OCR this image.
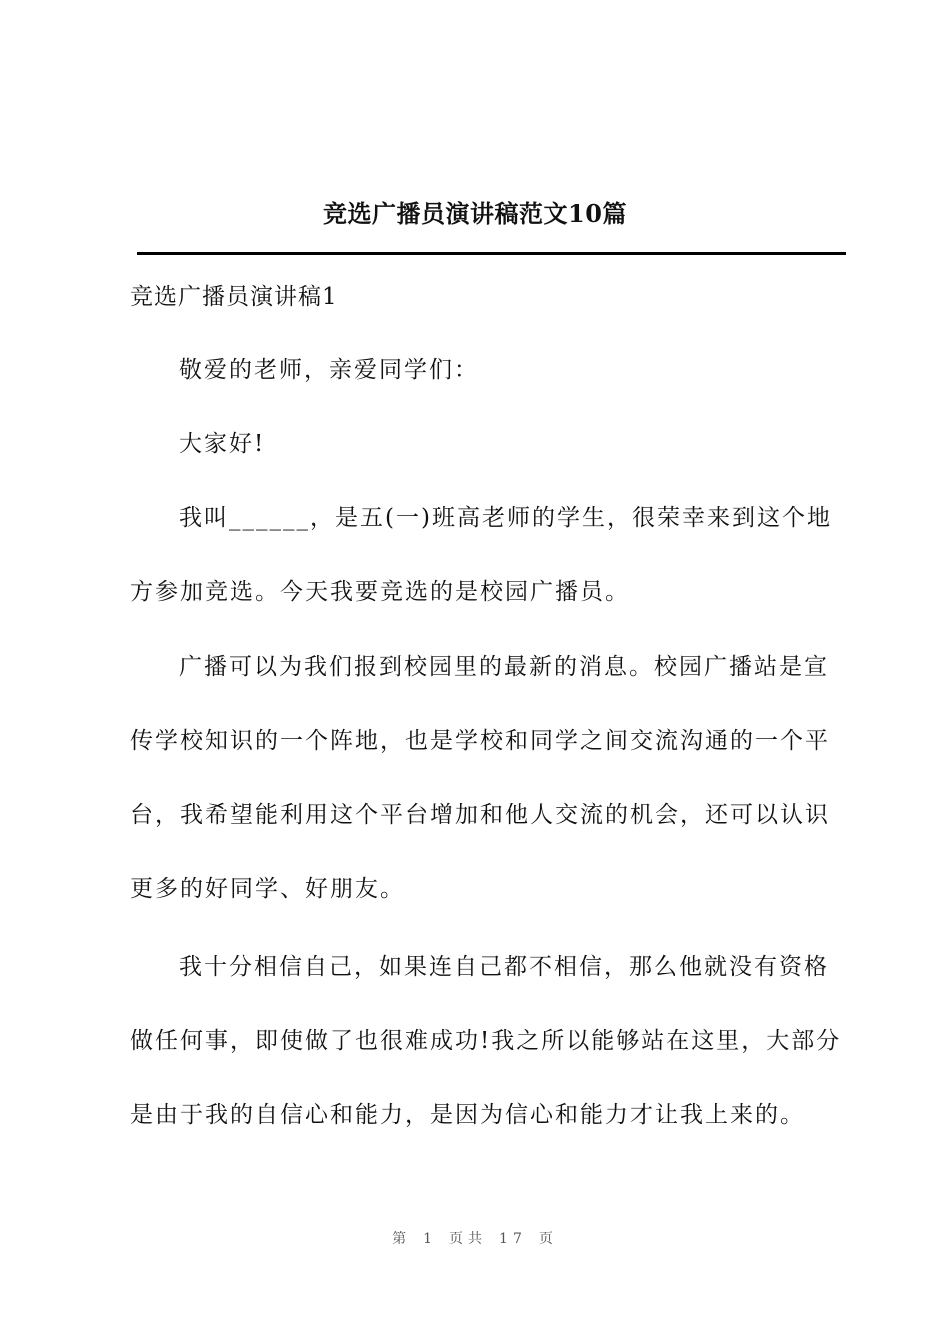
竞选广播员演讲稿范文10篇
竞选广播员演讲稿1

敬爱的老师，亲爱同学们：

大家好!

我叫______，是五(一)班高老师的学生，很荣幸来到这个地方参加竞选。今天我要竞选的是校园广播员。

广播可以为我们报到校园里的最新的消息。校园广播站是宣传学校知识的一个阵地，也是学校和同学之间交流沟通的一个平台，我希望能利用这个平台增加和他人交流的机会，还可以认识更多的好同学、好朋友。

我十分相信自己，如果连自己都不相信，那么他就没有资格做任何事，即使做了也很难成功!我之所以能够站在这里，大部分是由于我的自信心和能力，是因为信心和能力才让我上来的。

第 1 页共 17 页
